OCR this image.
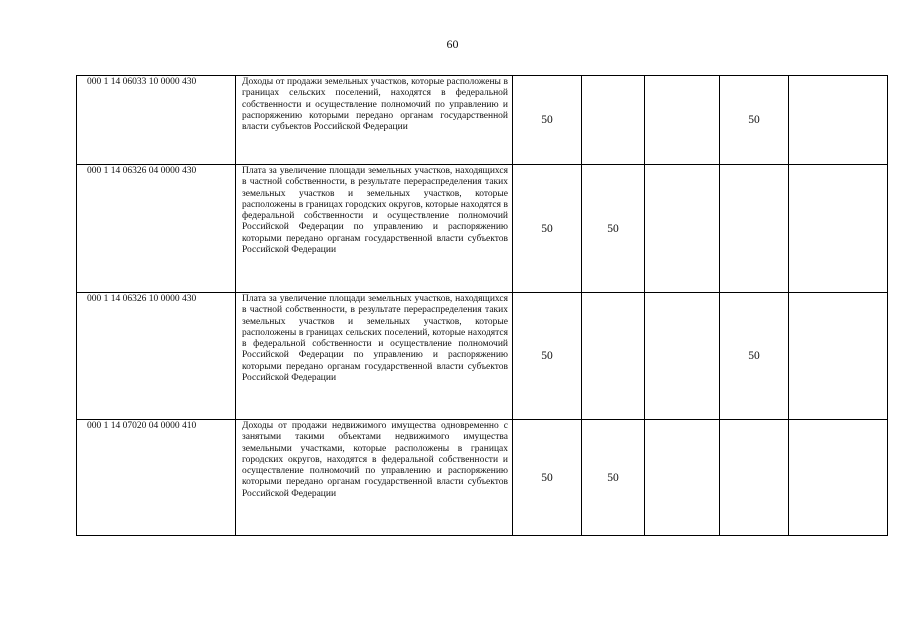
60
000 1 14 06033 10 0000 430	Доходы от продажи земельных участков, которые расположены в границах сельских поселений, находятся в федеральной собственности и осуществление полномочий по управлению и распоряжению которыми передано органам государственной власти субъектов Российской Федерации	50			50	
000 1 14 06326 04 0000 430	Плата за увеличение площади земельных участков, находящихся в частной собственности, в результате перераспределения таких земельных участков и земельных участков, которые расположены в границах городских округов, которые находятся в федеральной собственности и осуществление полномочий Российской Федерации по управлению и распоряжению которыми передано органам государственной власти субъектов Российской Федерации	50	50			
000 1 14 06326 10 0000 430	Плата за увеличение площади земельных участков, находящихся в частной собственности, в результате перераспределения таких земельных участков и земельных участков, которые расположены в границах сельских поселений, которые находятся в федеральной собственности и осуществление полномочий Российской Федерации по управлению и распоряжению которыми передано органам государственной власти субъектов Российской Федерации	50			50	
000 1 14 07020 04 0000 410	Доходы от продажи недвижимого имущества одновременно с занятыми такими объектами недвижимого имущества земельными участками, которые расположены в границах городских округов, находятся в федеральной собственности и осуществление полномочий по управлению и распоряжению которыми передано органам государственной власти субъектов Российской Федерации	50	50			
